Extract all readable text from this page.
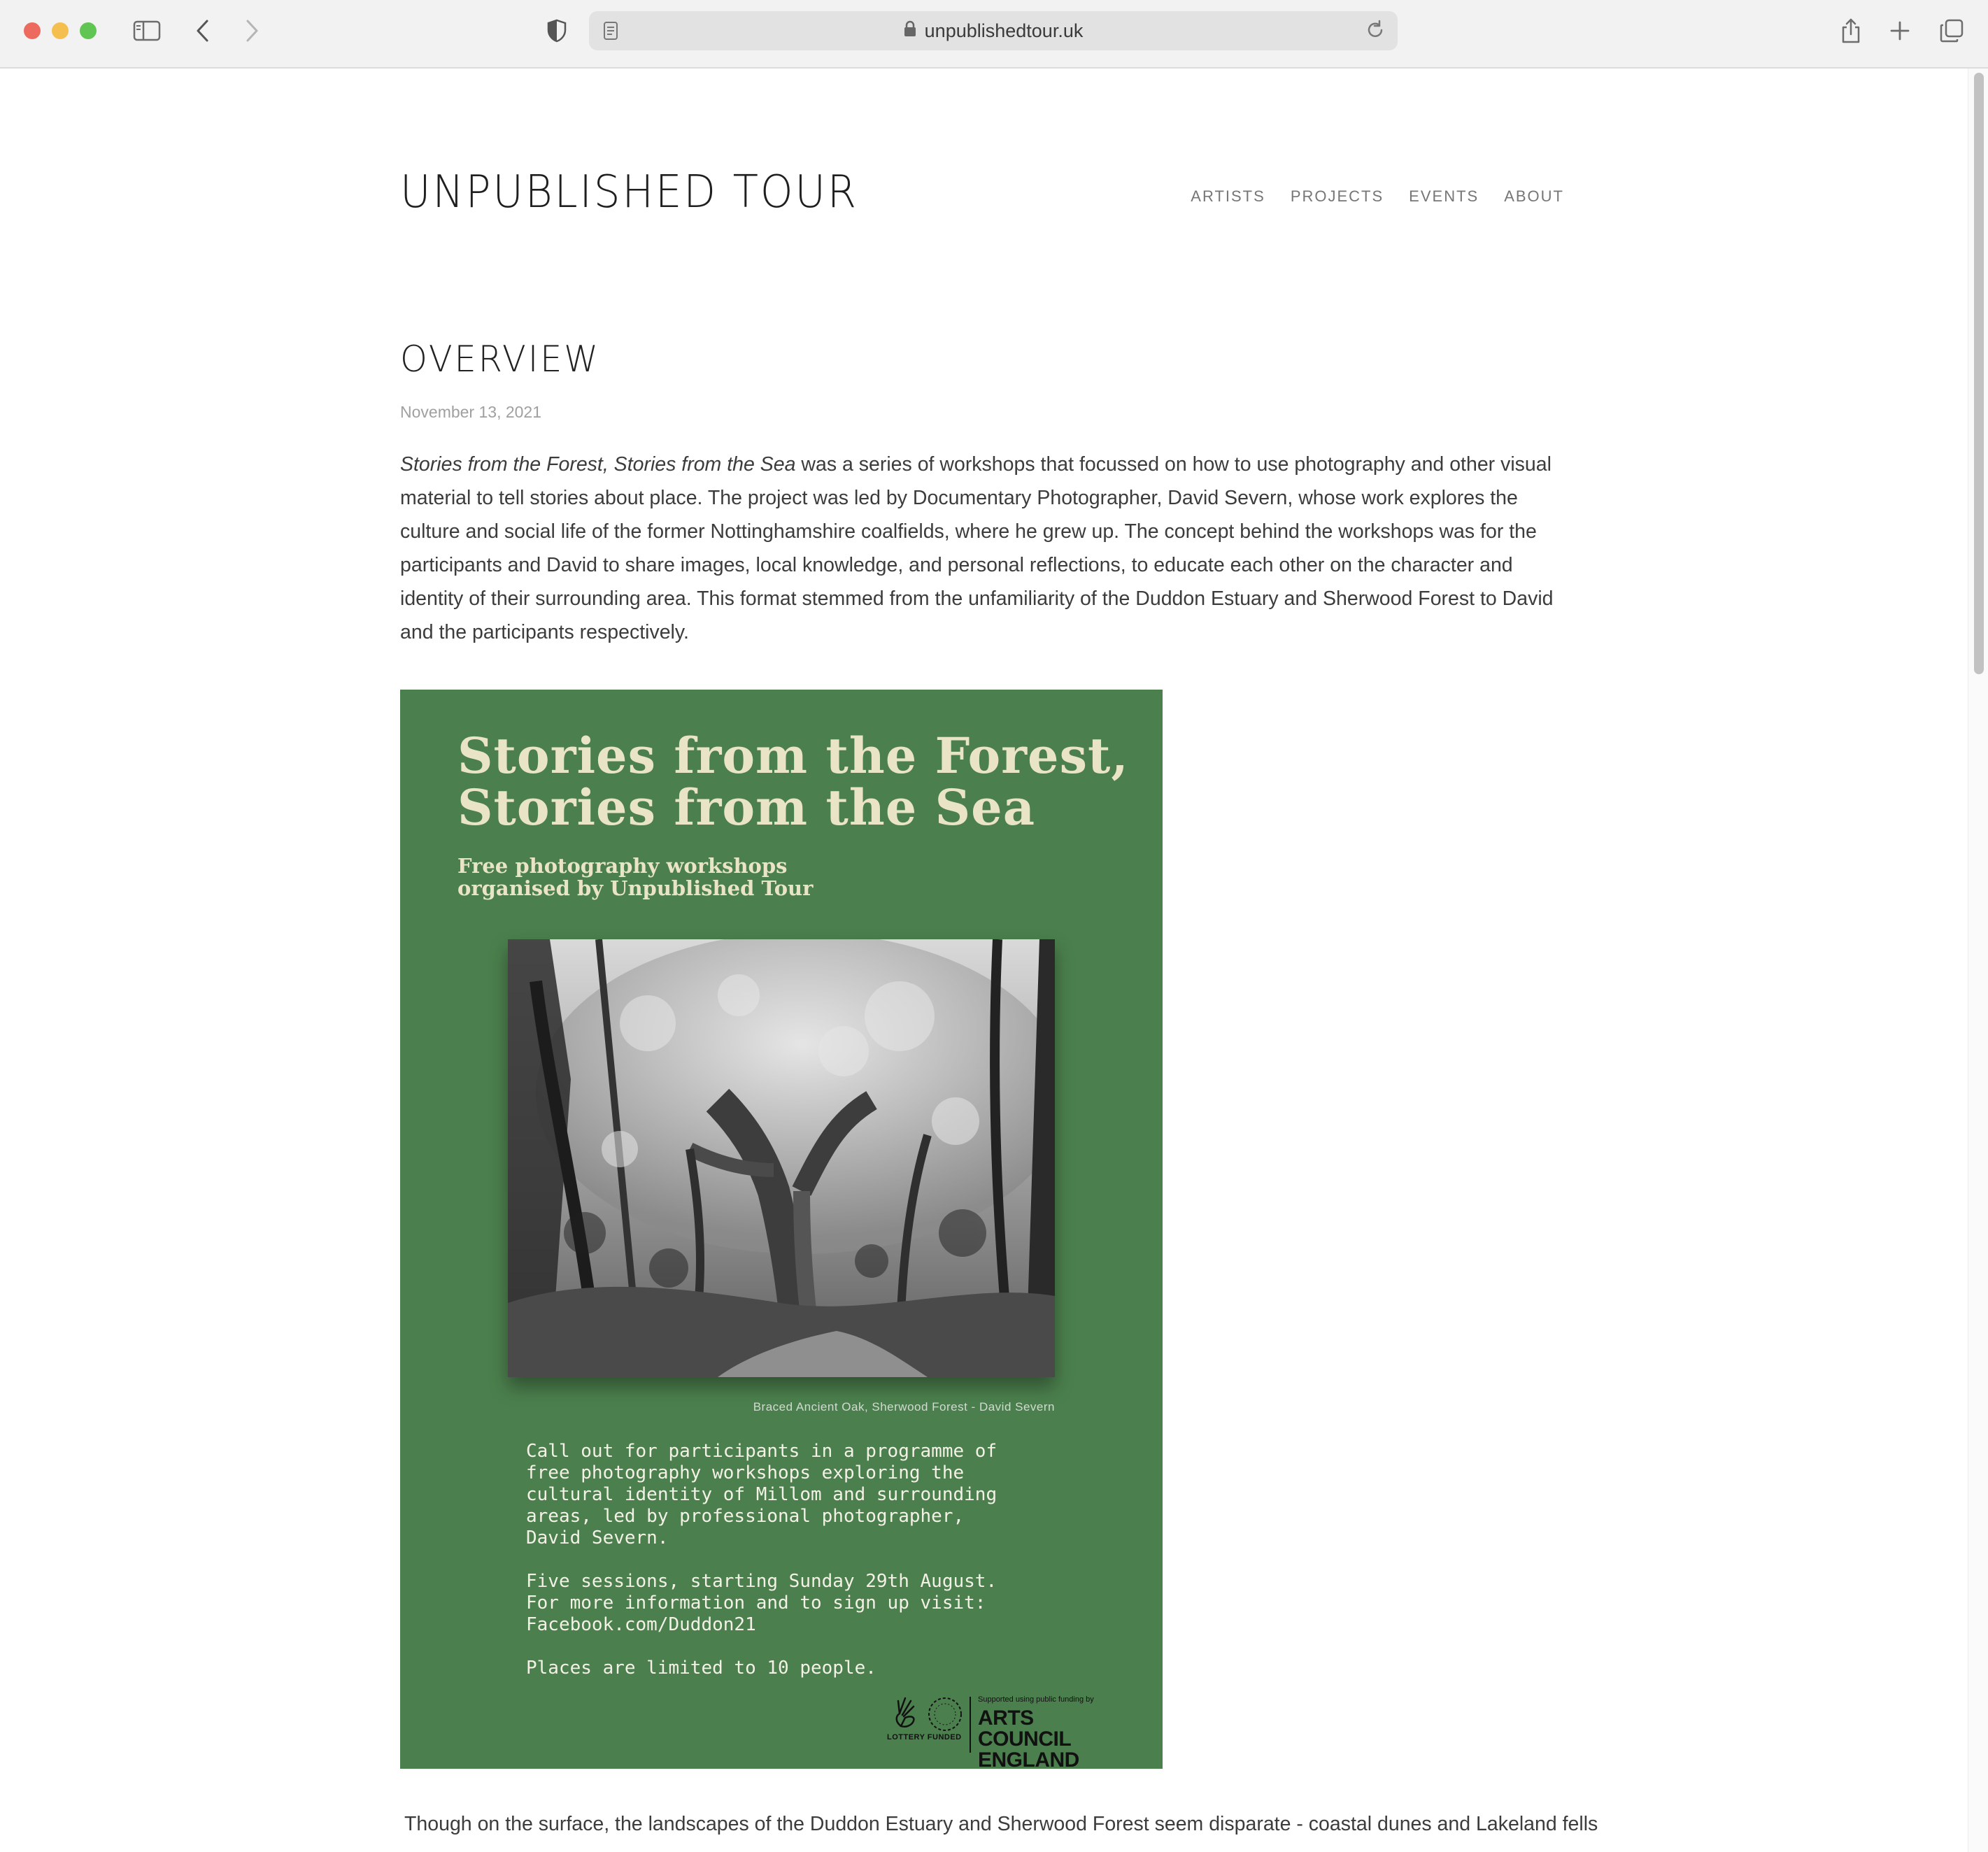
unpublishedtour.uk
UNPUBLISHED TOUR	ARTISTS PROJECTS EVENTS ABOUT
OVERVIEW
November 13, 2021

Stories from the Forest, Stories from the Sea was a series of workshops that focussed on how to use photography and other visual material to tell stories about place. The project was led by Documentary Photographer, David Severn, whose work explores the culture and social life of the former Nottinghamshire coalfields, where he grew up. The concept behind the workshops was for the participants and David to share images, local knowledge, and personal reflections, to educate each other on the character and identity of their surrounding area. This format stemmed from the unfamiliarity of the Duddon Estuary and Sherwood Forest to David and the participants respectively.

Stories from the Forest,
Stories from the Sea
Free photography workshops
organised by Unpublished Tour
Braced Ancient Oak, Sherwood Forest - David Severn
Call out for participants in a programme of
free photography workshops exploring the
cultural identity of Millom and surrounding
areas, led by professional photographer,
David Severn.

Five sessions, starting Sunday 29th August.
For more information and to sign up visit:
Facebook.com/Duddon21

Places are limited to 10 people.
LOTTERY FUNDED
Supported using public funding by
ARTS COUNCIL
ENGLAND

Though on the surface, the landscapes of the Duddon Estuary and Sherwood Forest seem disparate - coastal dunes and Lakeland fells
